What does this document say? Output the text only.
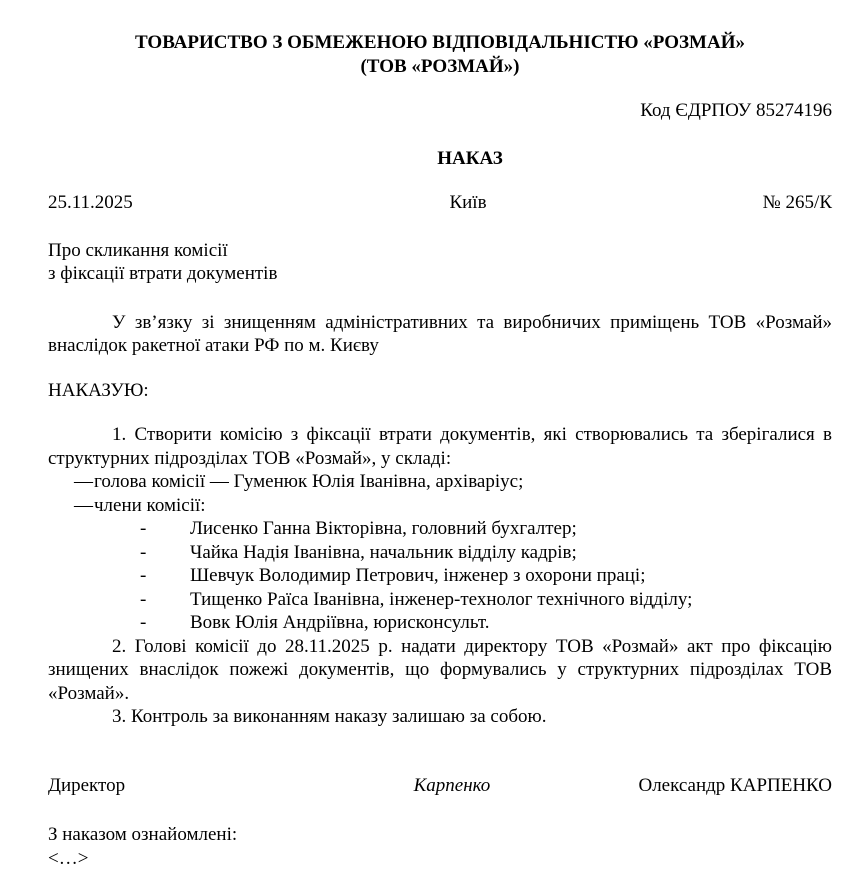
ТОВАРИСТВО З ОБМЕЖЕНОЮ ВІДПОВІДАЛЬНІСТЮ «РОЗМАЙ»
(ТОВ «РОЗМАЙ»)
Код ЄДРПОУ 85274196
НАКАЗ
25.11.2025	Київ	№ 265/К
Про скликання комісії
з фіксації втрати документів
У зв’язку зі знищенням адміністративних та виробничих приміщень ТОВ «Розмай» внаслідок ракетної атаки РФ по м. Києву
НАКАЗУЮ:
1. Створити комісію з фіксації втрати документів, які створювались та зберігалися в структурних підрозділах ТОВ «Розмай», у складі:
— голова комісії — Гуменюк Юлія Іванівна, архіваріус;
— члени комісії:
- Лисенко Ганна Вікторівна, головний бухгалтер;
- Чайка Надія Іванівна, начальник відділу кадрів;
- Шевчук Володимир Петрович, інженер з охорони праці;
- Тищенко Раїса Іванівна, інженер-технолог технічного відділу;
- Вовк Юлія Андріївна, юрисконсульт.
2. Голові комісії до 28.11.2025 р. надати директору ТОВ «Розмай» акт про фіксацію знищених внаслідок пожежі документів, що формувались у структурних підрозділах ТОВ «Розмай».
3. Контроль за виконанням наказу залишаю за собою.
Директор	Карпенко	Олександр КАРПЕНКО
З наказом ознайомлені:
<…>
